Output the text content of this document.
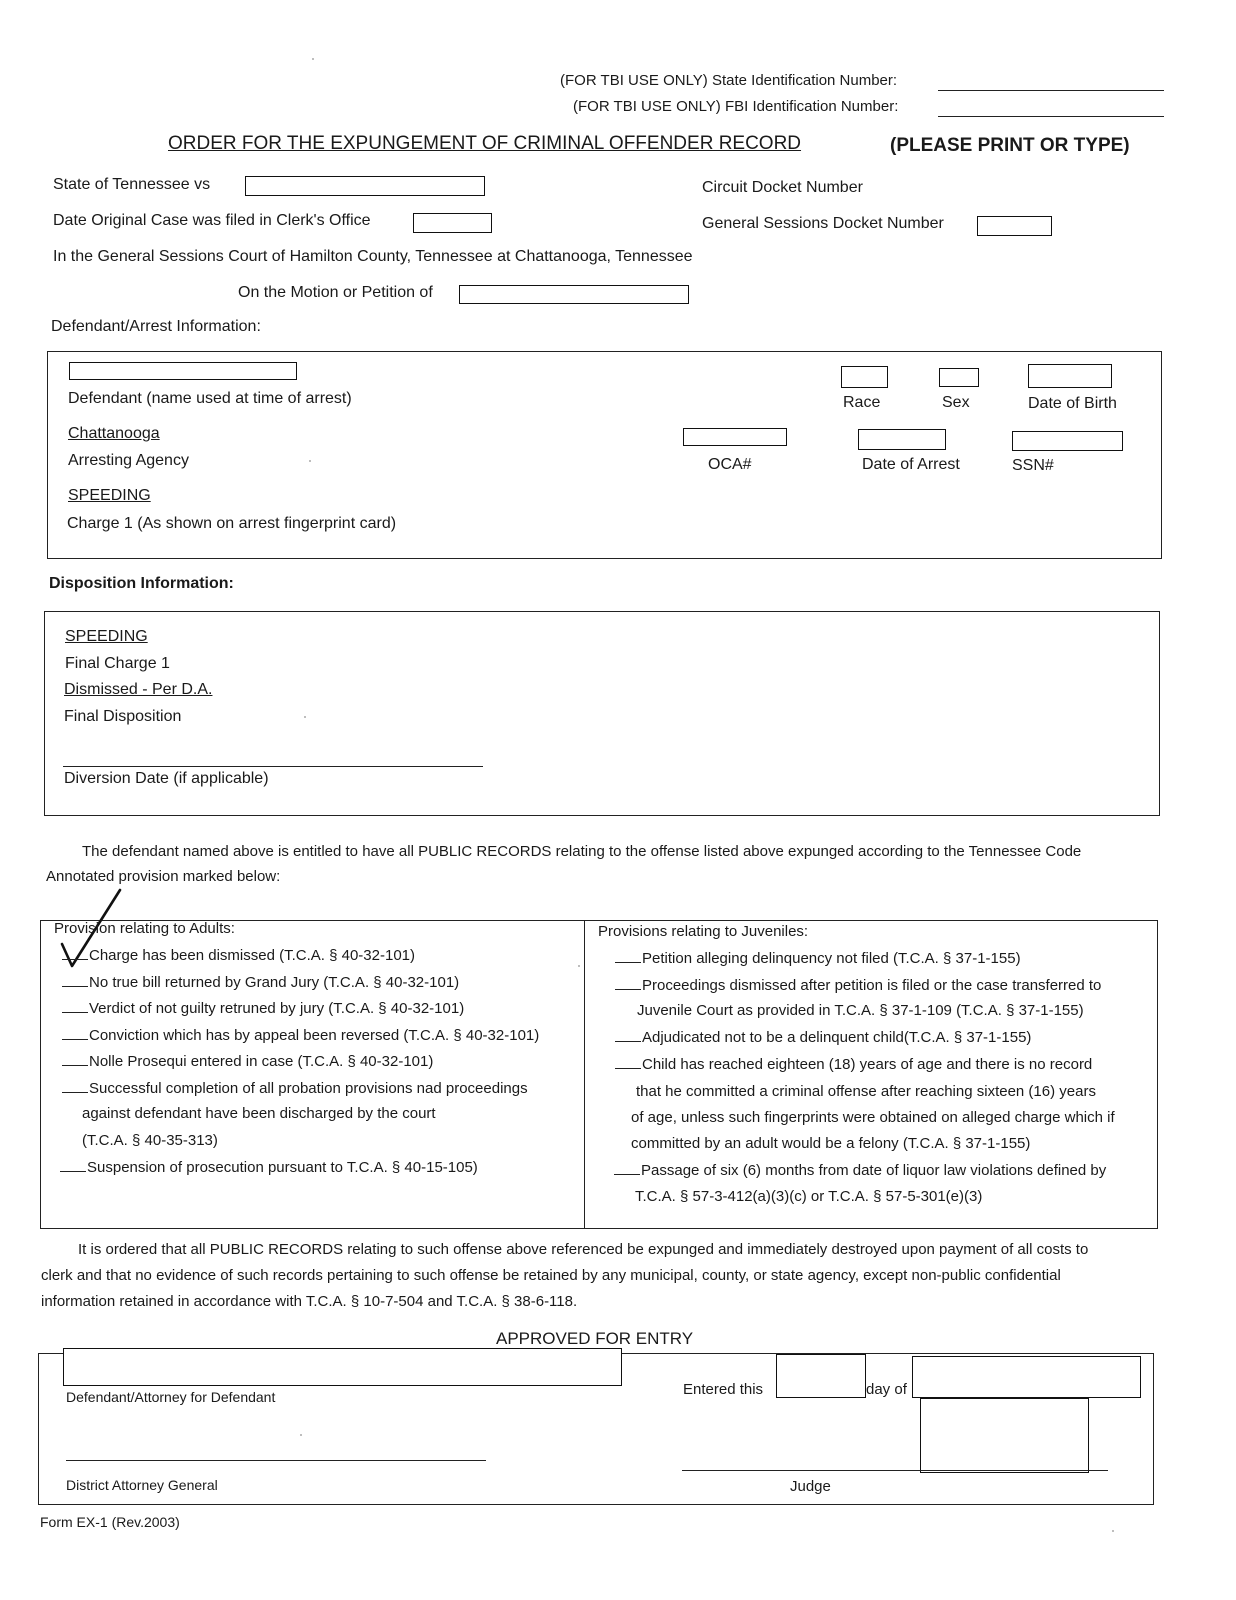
(FOR TBI USE ONLY) State Identification Number:
(FOR TBI USE ONLY) FBI Identification Number:
ORDER FOR THE EXPUNGEMENT OF CRIMINAL OFFENDER RECORD	(PLEASE PRINT OR TYPE)
State of Tennessee vs	Circuit Docket Number
Date Original Case was filed in Clerk's Office	General Sessions Docket Number
In the General Sessions Court of Hamilton County, Tennessee at Chattanooga, Tennessee
On the Motion or Petition of
Defendant/Arrest Information:
Defendant (name used at time of arrest)	Race	Sex	Date of Birth
Chattanooga
Arresting Agency	OCA#	Date of Arrest	SSN#
SPEEDING
Charge 1 (As shown on arrest fingerprint card)
Disposition Information:
SPEEDING
Final Charge 1
Dismissed - Per D.A.
Final Disposition
Diversion Date (if applicable)
The defendant named above is entitled to have all PUBLIC RECORDS relating to the offense listed above expunged according to the Tennessee Code
Annotated provision marked below:
Provision relating to Adults:
Charge has been dismissed (T.C.A. § 40-32-101)
No true bill returned by Grand Jury (T.C.A. § 40-32-101)
Verdict of not guilty retruned by jury (T.C.A. § 40-32-101)
Conviction which has by appeal been reversed (T.C.A. § 40-32-101)
Nolle Prosequi entered in case (T.C.A. § 40-32-101)
Successful completion of all probation provisions nad proceedings
against defendant have been discharged by the court
(T.C.A. § 40-35-313)
Suspension of prosecution pursuant to T.C.A. § 40-15-105)
Provisions relating to Juveniles:
Petition alleging delinquency not filed (T.C.A. § 37-1-155)
Proceedings dismissed after petition is filed or the case transferred to
Juvenile Court as provided in T.C.A. § 37-1-109 (T.C.A. § 37-1-155)
Adjudicated not to be a delinquent child(T.C.A. § 37-1-155)
Child has reached eighteen (18) years of age and there is no record
that he committed a criminal offense after reaching sixteen (16) years
of age, unless such fingerprints were obtained on alleged charge which if
committed by an adult would be a felony (T.C.A. § 37-1-155)
Passage of six (6) months from date of liquor law violations defined by
T.C.A. § 57-3-412(a)(3)(c) or T.C.A. § 57-5-301(e)(3)
It is ordered that all PUBLIC RECORDS relating to such offense above referenced be expunged and immediately destroyed upon payment of all costs to
clerk and that no evidence of such records pertaining to such offense be retained by any municipal, county, or state agency, except non-public confidential
information retained in accordance with T.C.A. § 10-7-504 and T.C.A. § 38-6-118.
APPROVED FOR ENTRY
Defendant/Attorney for Defendant	Entered this	day of
District Attorney General	Judge
Form EX-1 (Rev.2003)
